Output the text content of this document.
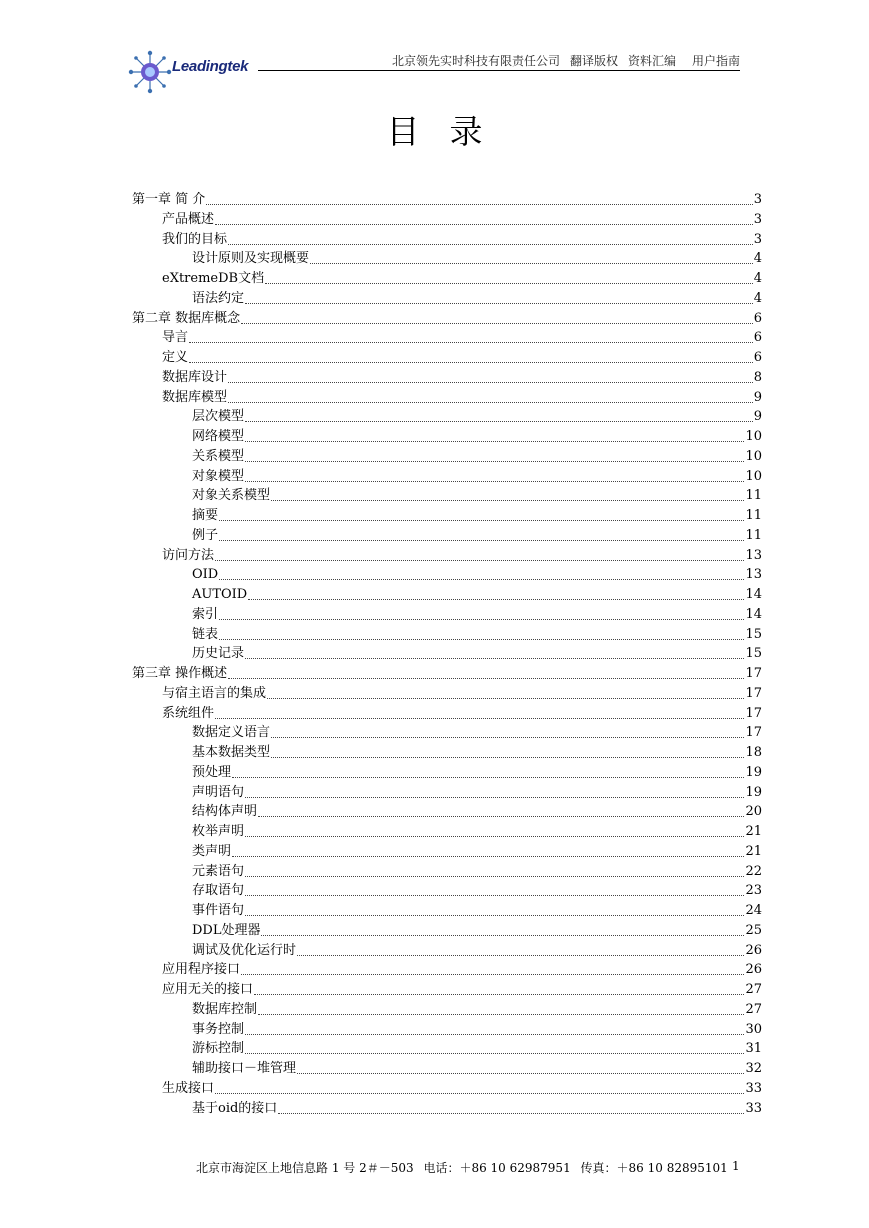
Leadingtek	北京领先实时科技有限责任公司 翻译版权 资料汇编 用户指南
目录
第一章 简 介	3
产品概述	3
我们的目标	3
设计原则及实现概要	4
eXtremeDB文档	4
语法约定	4
第二章 数据库概念	6
导言	6
定义	6
数据库设计	8
数据库模型	9
层次模型	9
网络模型	10
关系模型	10
对象模型	10
对象关系模型	11
摘要	11
例子	11
访问方法	13
OID	13
AUTOID	14
索引	14
链表	15
历史记录	15
第三章 操作概述	17
与宿主语言的集成	17
系统组件	17
数据定义语言	17
基本数据类型	18
预处理	19
声明语句	19
结构体声明	20
枚举声明	21
类声明	21
元素语句	22
存取语句	23
事件语句	24
DDL处理器	25
调试及优化运行时	26
应用程序接口	26
应用无关的接口	27
数据库控制	27
事务控制	30
游标控制	31
辅助接口－堆管理	32
生成接口	33
基于oid的接口	33
北京市海淀区上地信息路 1 号 2＃－503 电话：＋86 10 62987951 传真：＋86 10 82895101 1
